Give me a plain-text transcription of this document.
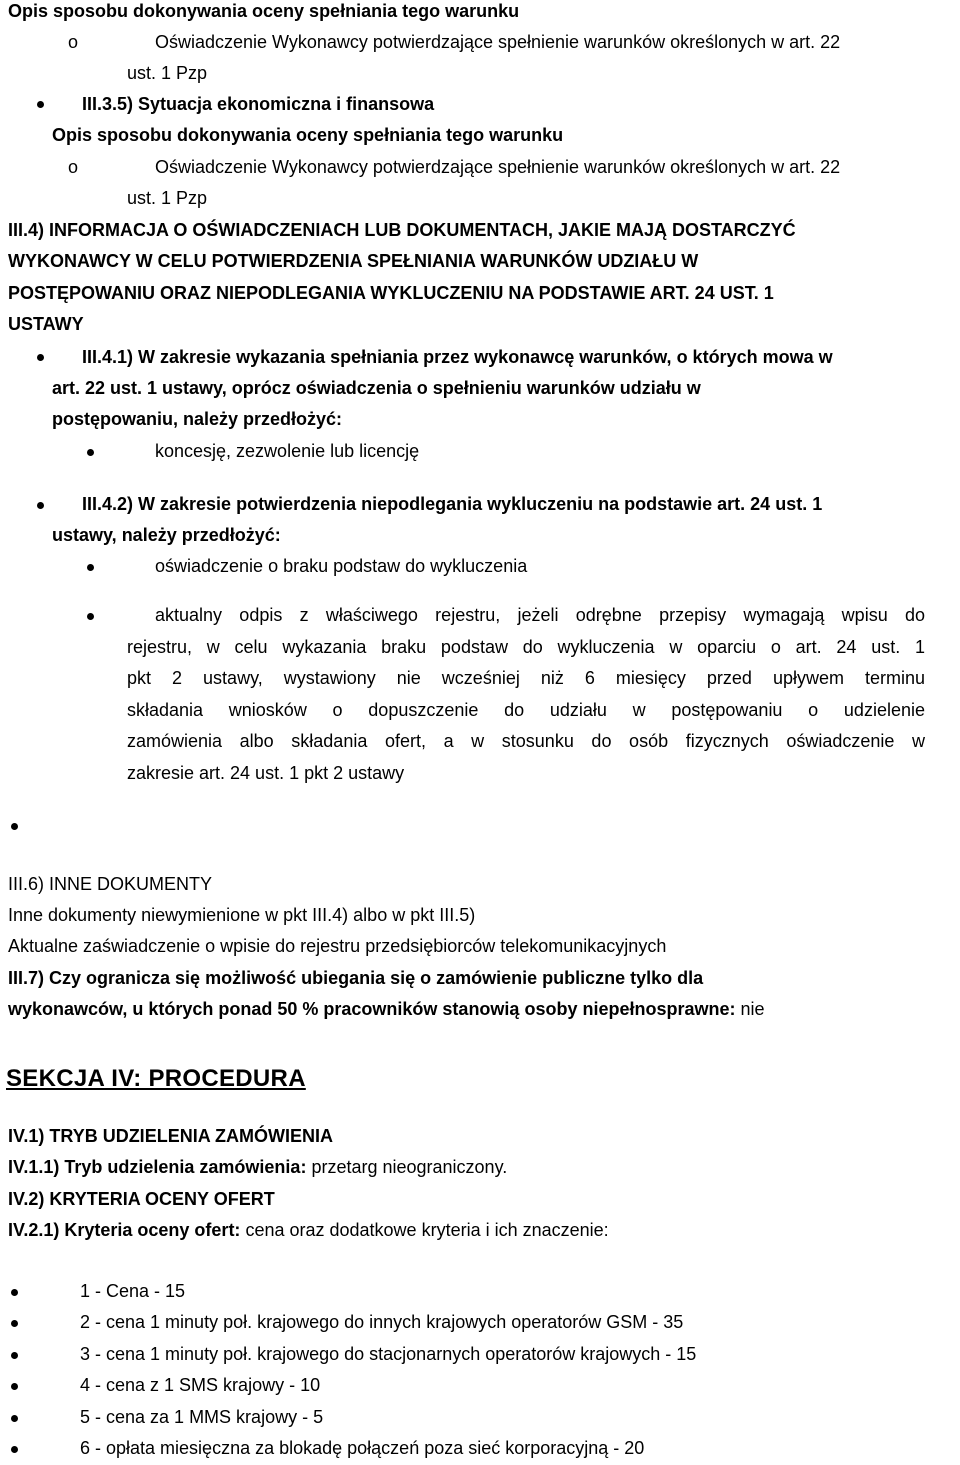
Opis sposobu dokonywania oceny spełniania tego warunku
o	Oświadczenie Wykonawcy potwierdzające spełnienie warunków określonych w art. 22
ust. 1 Pzp
III.3.5) Sytuacja ekonomiczna i finansowa
Opis sposobu dokonywania oceny spełniania tego warunku
o	Oświadczenie Wykonawcy potwierdzające spełnienie warunków określonych w art. 22
ust. 1 Pzp
III.4) INFORMACJA O OŚWIADCZENIACH LUB DOKUMENTACH, JAKIE MAJĄ DOSTARCZYĆ
WYKONAWCY W CELU POTWIERDZENIA SPEŁNIANIA WARUNKÓW UDZIAŁU W
POSTĘPOWANIU ORAZ NIEPODLEGANIA WYKLUCZENIU NA PODSTAWIE ART. 24 UST. 1
USTAWY
III.4.1) W zakresie wykazania spełniania przez wykonawcę warunków, o których mowa w
art. 22 ust. 1 ustawy, oprócz oświadczenia o spełnieniu warunków udziału w
postępowaniu, należy przedłożyć:
koncesję, zezwolenie lub licencję
III.4.2) W zakresie potwierdzenia niepodlegania wykluczeniu na podstawie art. 24 ust. 1
ustawy, należy przedłożyć:
oświadczenie o braku podstaw do wykluczenia
aktualny odpis z właściwego rejestru, jeżeli odrębne przepisy wymagają wpisu do
rejestru, w celu wykazania braku podstaw do wykluczenia w oparciu o art. 24 ust. 1
pkt 2 ustawy, wystawiony nie wcześniej niż 6 miesięcy przed upływem terminu
składania wniosków o dopuszczenie do udziału w postępowaniu o udzielenie
zamówienia albo składania ofert, a w stosunku do osób fizycznych oświadczenie w
zakresie art. 24 ust. 1 pkt 2 ustawy
III.6) INNE DOKUMENTY
Inne dokumenty niewymienione w pkt III.4) albo w pkt III.5)
Aktualne zaświadczenie o wpisie do rejestru przedsiębiorców telekomunikacyjnych
III.7) Czy ogranicza się możliwość ubiegania się o zamówienie publiczne tylko dla
wykonawców, u których ponad 50 % pracowników stanowią osoby niepełnosprawne: nie
SEKCJA IV: PROCEDURA
IV.1) TRYB UDZIELENIA ZAMÓWIENIA
IV.1.1) Tryb udzielenia zamówienia: przetarg nieograniczony.
IV.2) KRYTERIA OCENY OFERT
IV.2.1) Kryteria oceny ofert: cena oraz dodatkowe kryteria i ich znaczenie:
1 - Cena - 15
2 - cena 1 minuty poł. krajowego do innych krajowych operatorów GSM - 35
3 - cena 1 minuty poł. krajowego do stacjonarnych operatorów krajowych - 15
4 - cena z 1 SMS krajowy - 10
5 - cena za 1 MMS krajowy - 5
6 - opłata miesięczna za blokadę połączeń poza sieć korporacyjną - 20
